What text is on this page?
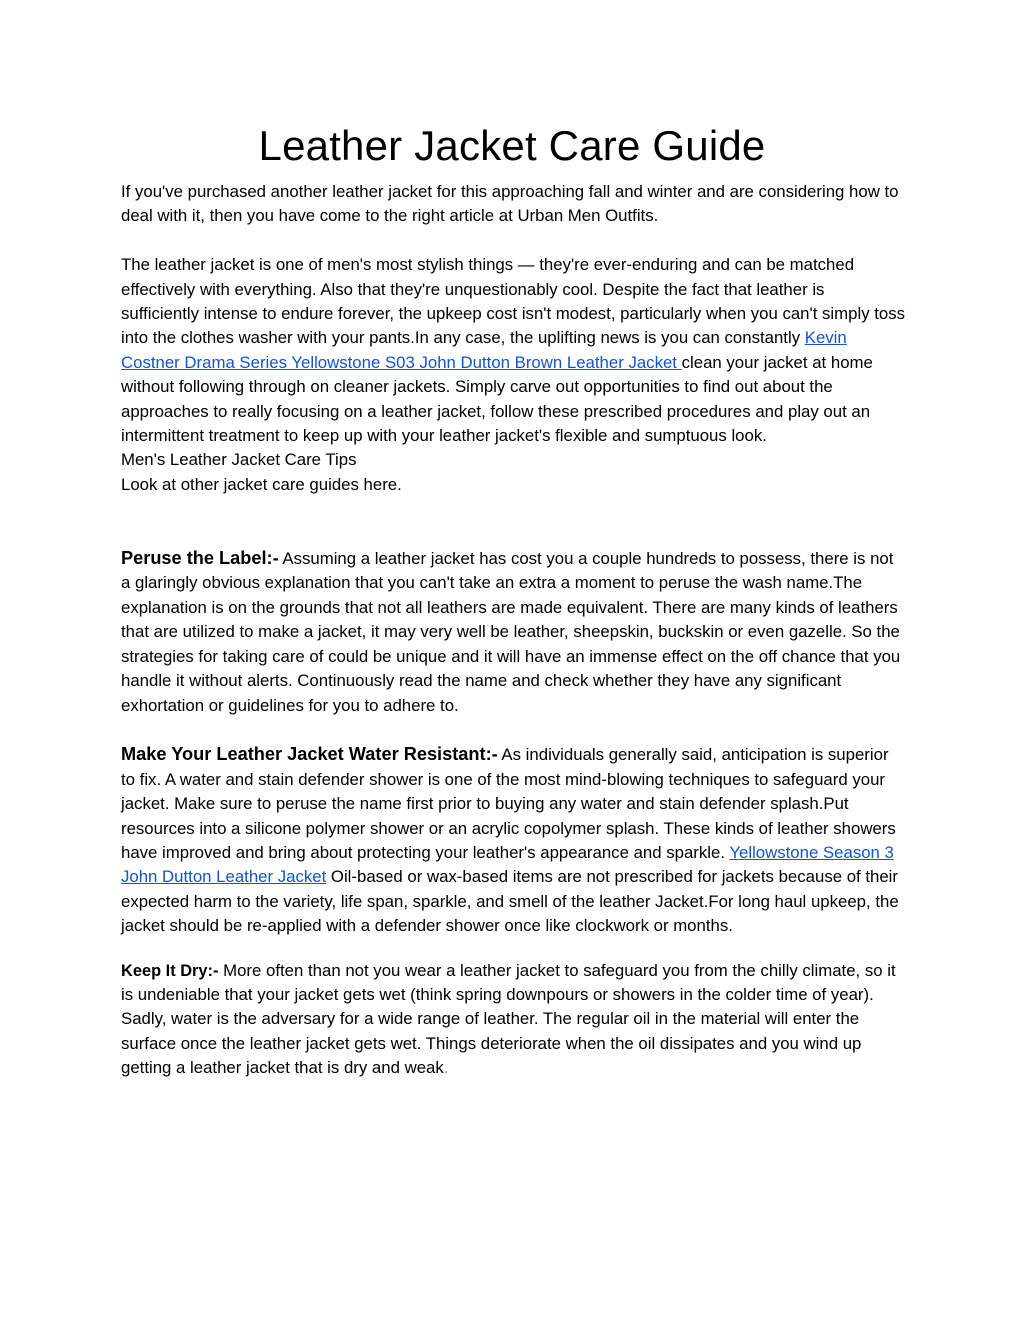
Leather Jacket Care Guide

If you've purchased another leather jacket for this approaching fall and winter and are considering how to deal with it, then you have come to the right article at Urban Men Outfits.

The leather jacket is one of men's most stylish things — they're ever-enduring and can be matched effectively with everything. Also that they're unquestionably cool. Despite the fact that leather is sufficiently intense to endure forever, the upkeep cost isn't modest, particularly when you can't simply toss into the clothes washer with your pants.In any case, the uplifting news is you can constantly Kevin Costner Drama Series Yellowstone S03 John Dutton Brown Leather Jacket clean your jacket at home without following through on cleaner jackets. Simply carve out opportunities to find out about the approaches to really focusing on a leather jacket, follow these prescribed procedures and play out an intermittent treatment to keep up with your leather jacket's flexible and sumptuous look.

Men's Leather Jacket Care Tips

Look at other jacket care guides here.

Peruse the Label:- Assuming a leather jacket has cost you a couple hundreds to possess, there is not a glaringly obvious explanation that you can't take an extra a moment to peruse the wash name.The explanation is on the grounds that not all leathers are made equivalent. There are many kinds of leathers that are utilized to make a jacket, it may very well be leather, sheepskin, buckskin or even gazelle. So the strategies for taking care of could be unique and it will have an immense effect on the off chance that you handle it without alerts. Continuously read the name and check whether they have any significant exhortation or guidelines for you to adhere to.

Make Your Leather Jacket Water Resistant:- As individuals generally said, anticipation is superior to fix. A water and stain defender shower is one of the most mind-blowing techniques to safeguard your jacket. Make sure to peruse the name first prior to buying any water and stain defender splash.Put resources into a silicone polymer shower or an acrylic copolymer splash. These kinds of leather showers have improved and bring about protecting your leather's appearance and sparkle. Yellowstone Season 3 John Dutton Leather Jacket Oil-based or wax-based items are not prescribed for jackets because of their expected harm to the variety, life span, sparkle, and smell of the leather Jacket.For long haul upkeep, the jacket should be re-applied with a defender shower once like clockwork or months.

Keep It Dry:- More often than not you wear a leather jacket to safeguard you from the chilly climate, so it is undeniable that your jacket gets wet (think spring downpours or showers in the colder time of year). Sadly, water is the adversary for a wide range of leather. The regular oil in the material will enter the surface once the leather jacket gets wet. Things deteriorate when the oil dissipates and you wind up getting a leather jacket that is dry and weak.
